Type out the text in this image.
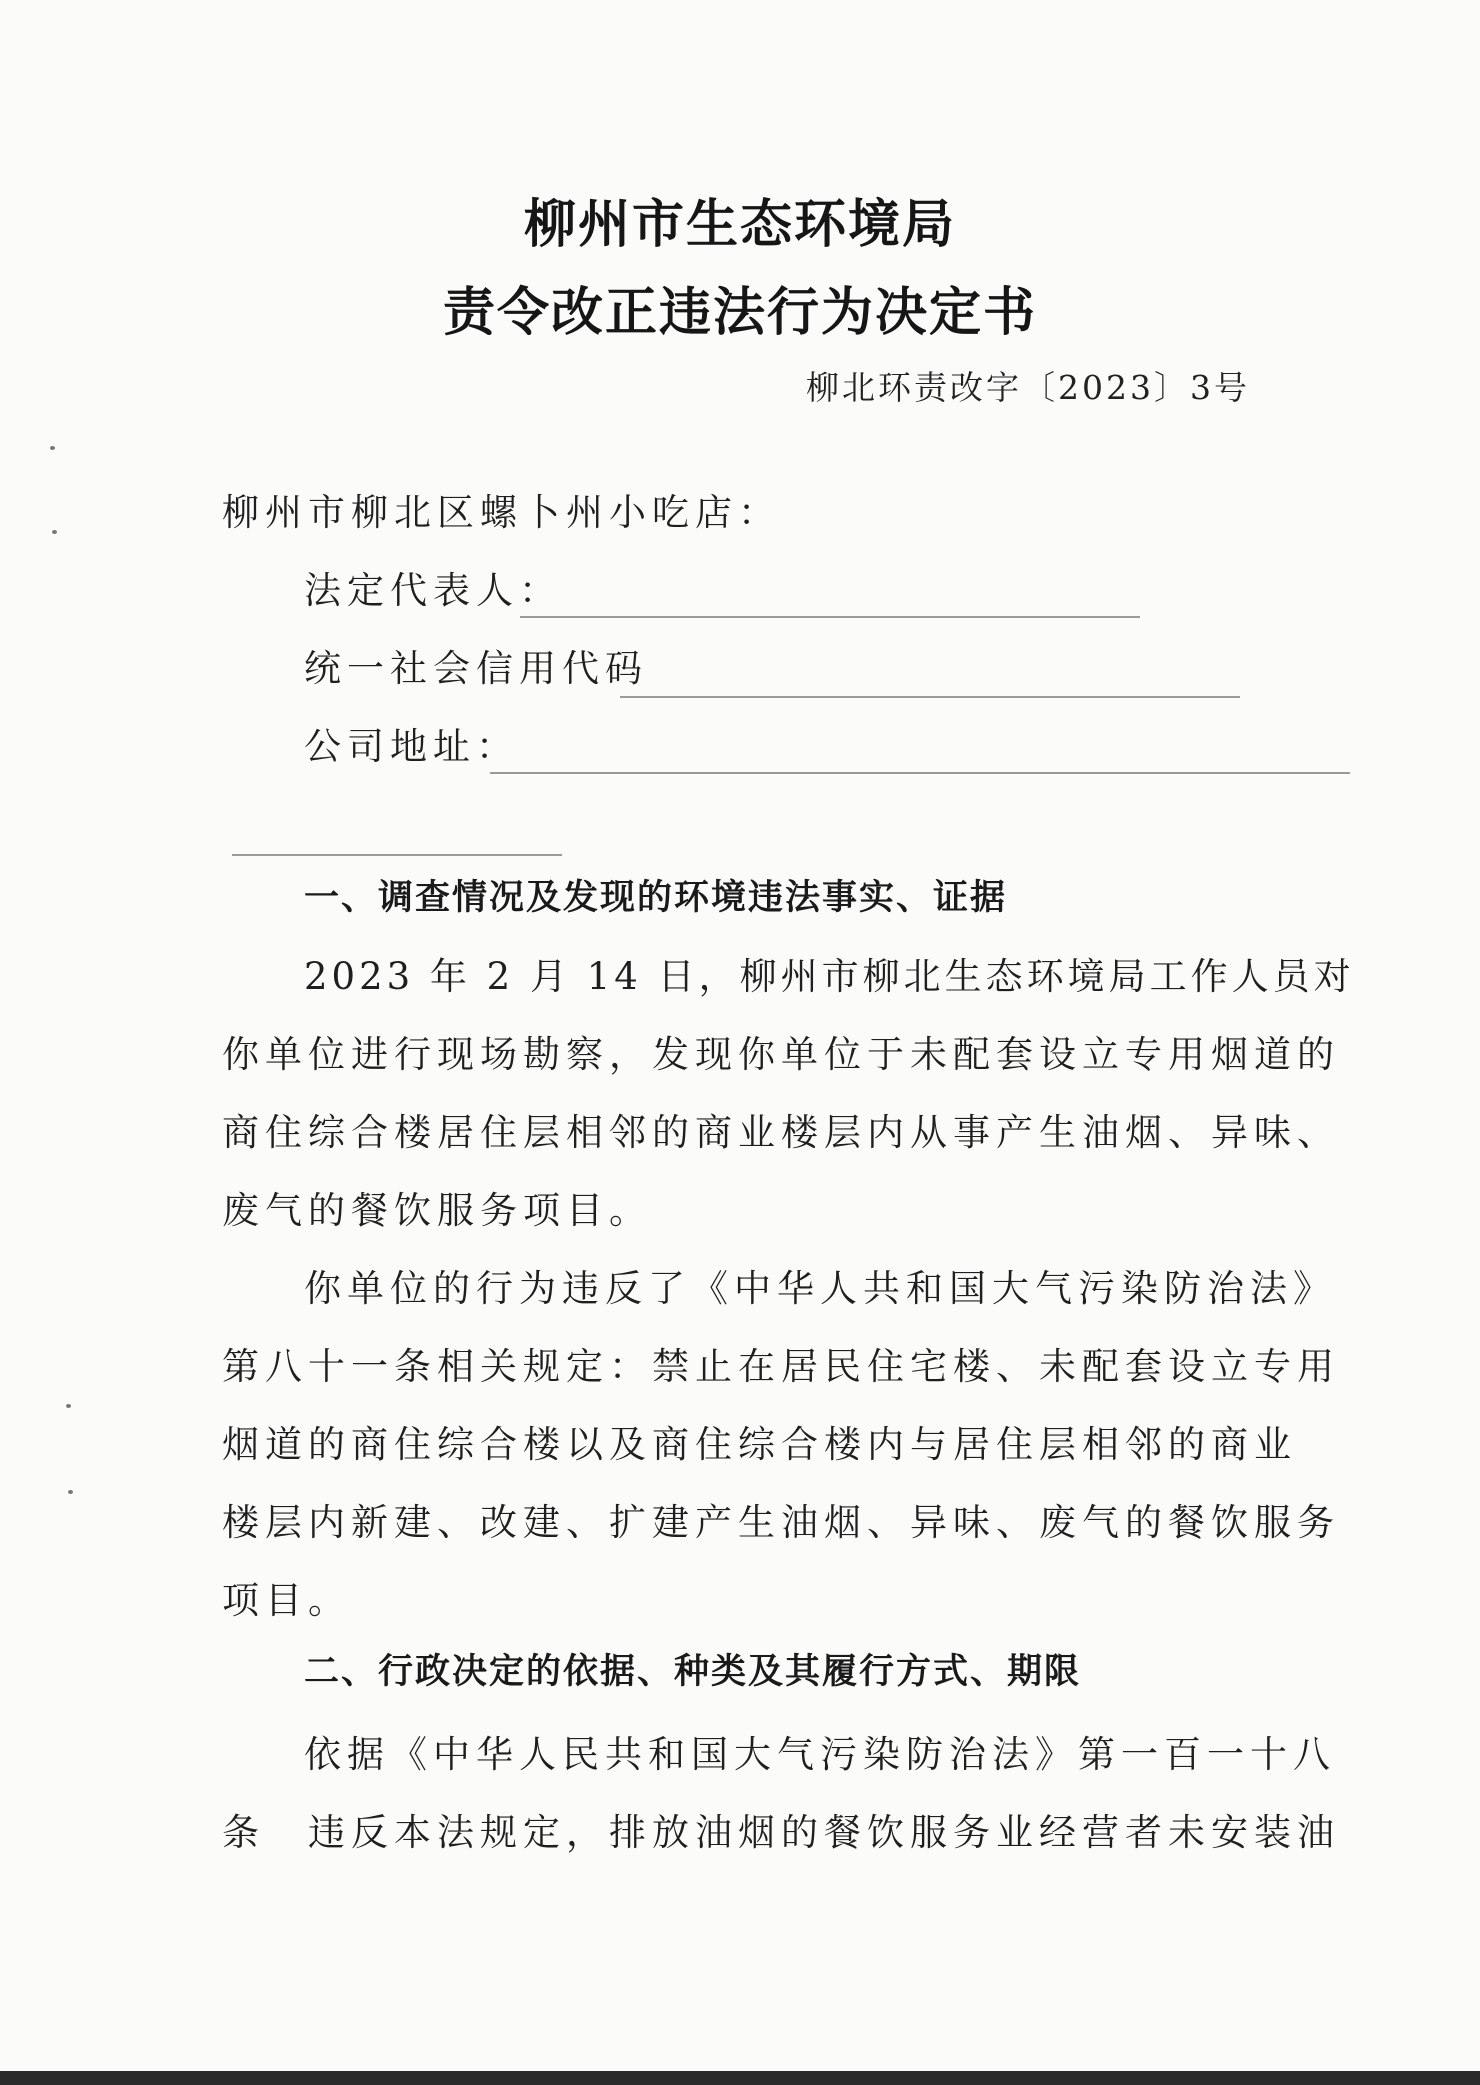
柳州市生态环境局
责令改正违法行为决定书
柳北环责改字〔2023〕3号
柳州市柳北区螺卜州小吃店：
法定代表人：
统一社会信用代码
公司地址：
一、调查情况及发现的环境违法事实、证据
2023 年 2 月 14 日，柳州市柳北生态环境局工作人员对
你单位进行现场勘察，发现你单位于未配套设立专用烟道的
商住综合楼居住层相邻的商业楼层内从事产生油烟、异味、
废气的餐饮服务项目。
你单位的行为违反了《中华人共和国大气污染防治法》
第八十一条相关规定：禁止在居民住宅楼、未配套设立专用
烟道的商住综合楼以及商住综合楼内与居住层相邻的商业
楼层内新建、改建、扩建产生油烟、异味、废气的餐饮服务
项目。
二、行政决定的依据、种类及其履行方式、期限
依据《中华人民共和国大气污染防治法》第一百一十八
条　违反本法规定，排放油烟的餐饮服务业经营者未安装油
